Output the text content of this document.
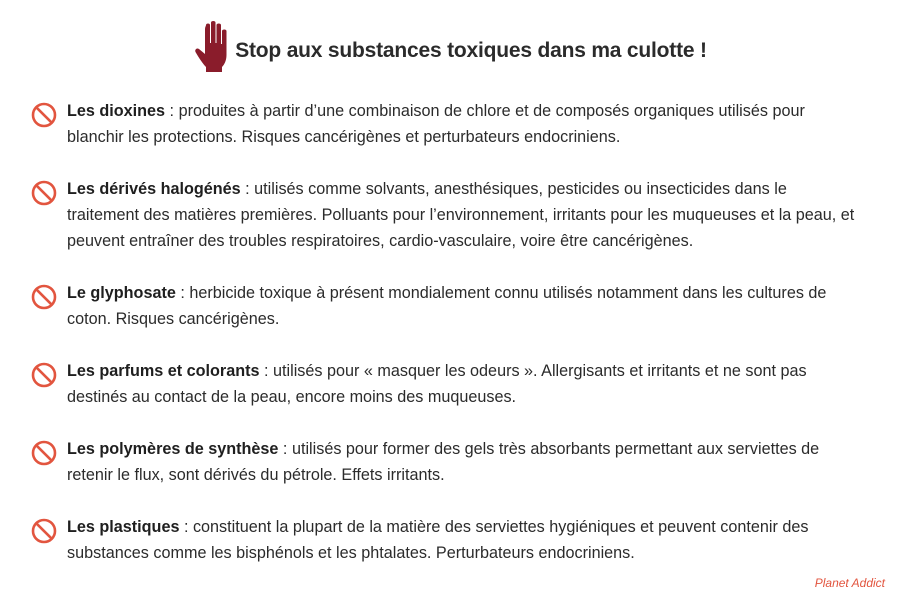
Stop aux substances toxiques dans ma culotte !
Les dioxines : produites à partir d’une combinaison de chlore et de composés organiques utilisés pour blanchir les protections. Risques cancérigènes et perturbateurs endocriniens.
Les dérivés halogénés : utilisés comme solvants, anesthésiques, pesticides ou insecticides dans le traitement des matières premières. Polluants pour l’environnement, irritants pour les muqueuses et la peau, et peuvent entraîner des troubles respiratoires, cardio-vasculaire, voire être cancérigènes.
Le glyphosate : herbicide toxique à présent mondialement connu utilisés notamment dans les cultures de coton. Risques cancérigènes.
Les parfums et colorants : utilisés pour « masquer les odeurs ». Allergisants et irritants et ne sont pas destinés au contact de la peau, encore moins des muqueuses.
Les polymères de synthèse : utilisés pour former des gels très absorbants permettant aux serviettes de retenir le flux, sont dérivés du pétrole. Effets irritants.
Les plastiques : constituent la plupart de la matière des serviettes hygiéniques et peuvent contenir des substances comme les bisphénols et les phtalates. Perturbateurs endocriniens.
Planet Addict
